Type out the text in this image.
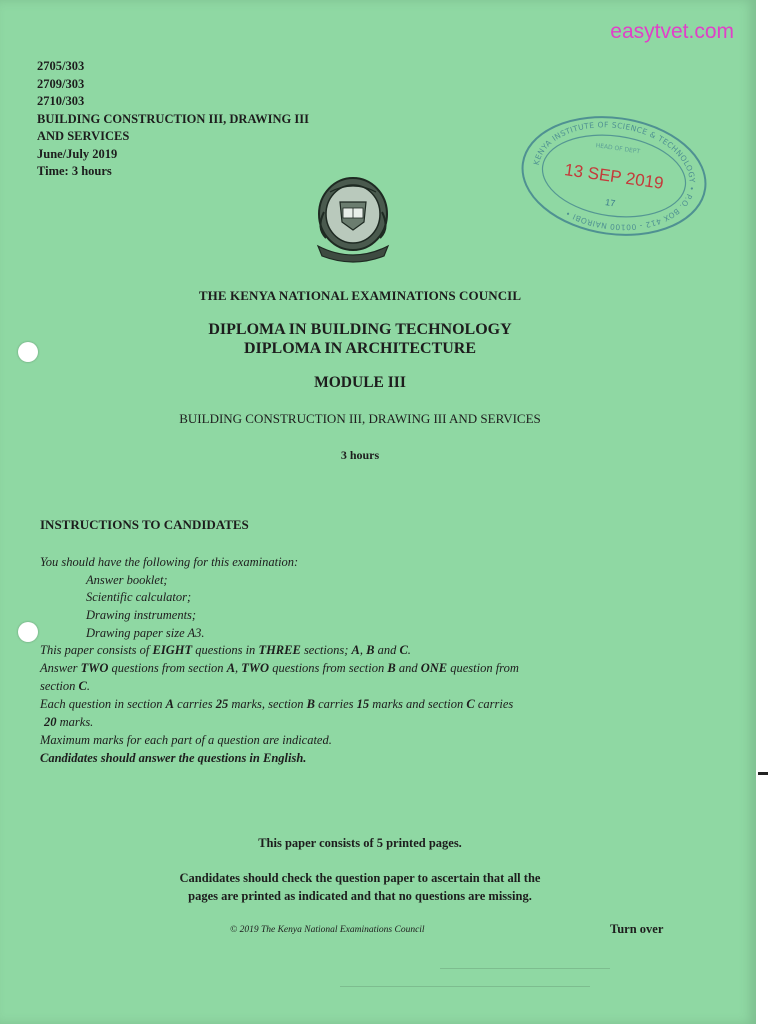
easytvet.com
2705/303
2709/303
2710/303
BUILDING CONSTRUCTION III, DRAWING III
AND SERVICES
June/July 2019
Time: 3 hours
KENYA INSTITUTE OF SCIENCE & TECHNOLOGY • P.O. BOX 412 - 00100 NAIROBI •
HEAD OF DEPT
13 SEP 2019
17
THE KENYA NATIONAL EXAMINATIONS COUNCIL
DIPLOMA IN BUILDING TECHNOLOGY
DIPLOMA IN ARCHITECTURE
MODULE III
BUILDING CONSTRUCTION III, DRAWING III AND SERVICES
3 hours
INSTRUCTIONS TO CANDIDATES
You should have the following for this examination:
Answer booklet;
Scientific calculator;
Drawing instruments;
Drawing paper size A3.
This paper consists of EIGHT questions in THREE sections; A, B and C.
Answer TWO questions from section A, TWO questions from section B and ONE question from
section C.
Each question in section A carries 25 marks, section B carries 15 marks and section C carries
20 marks.
Maximum marks for each part of a question are indicated.
Candidates should answer the questions in English.
This paper consists of 5 printed pages.
Candidates should check the question paper to ascertain that all the
pages are printed as indicated and that no questions are missing.
© 2019 The Kenya National Examinations Council	Turn over
